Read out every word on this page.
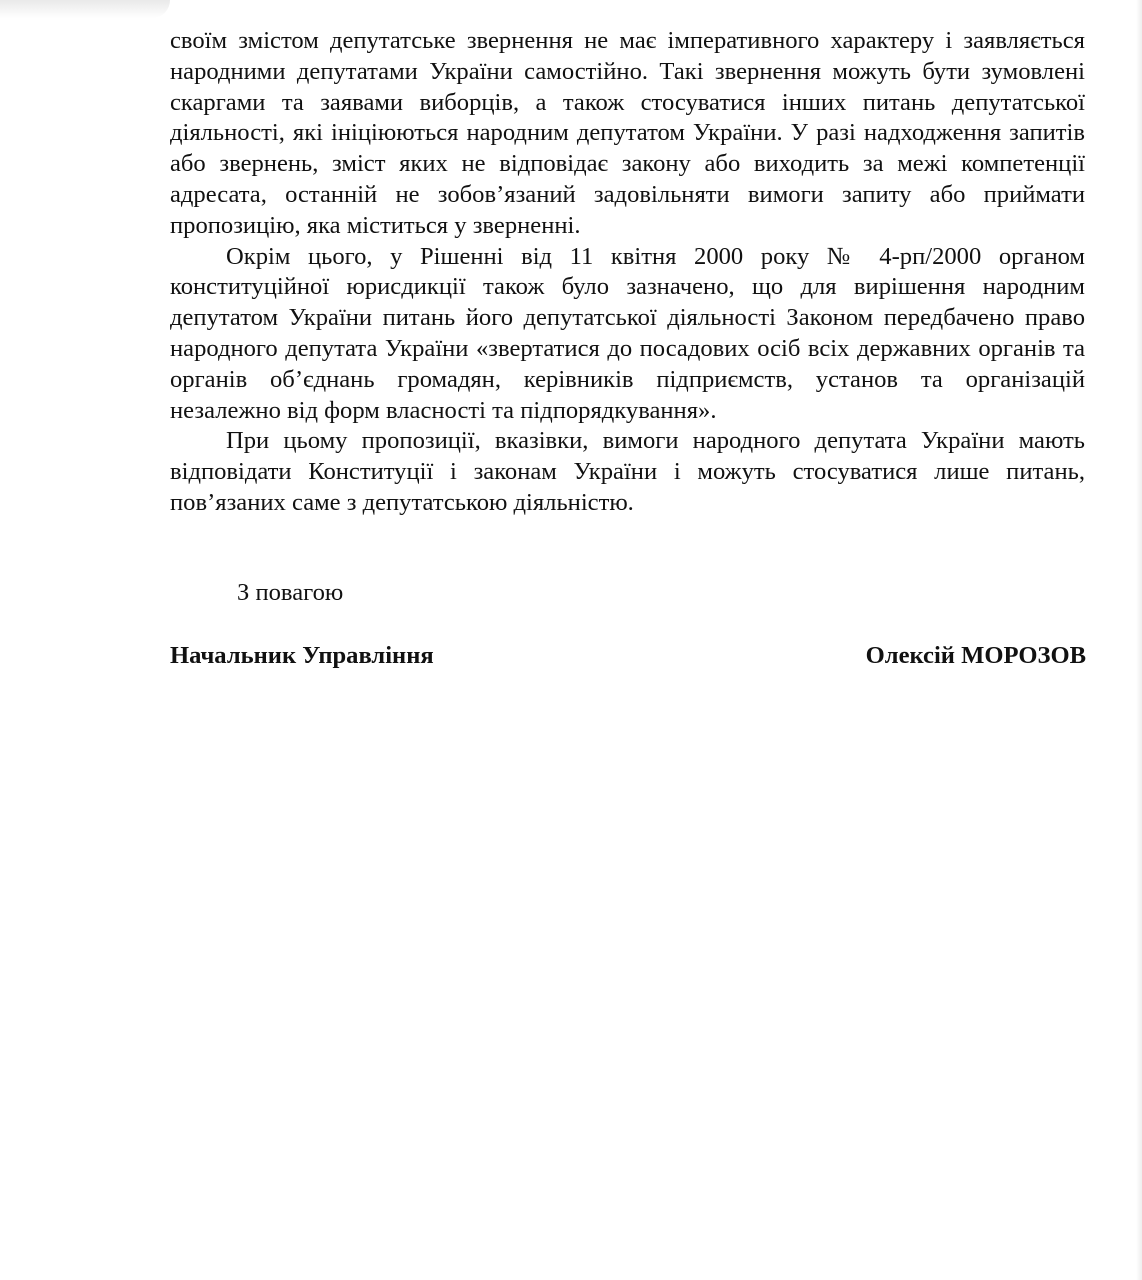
своїм змістом депутатське звернення не має імперативного характеру і заявляється народними депутатами України самостійно. Такі звернення можуть бути зумовлені скаргами та заявами виборців, а також стосуватися інших питань депутатської діяльності, які ініціюються народним депутатом України. У разі надходження запитів або звернень, зміст яких не відповідає закону або виходить за межі компетенції адресата, останній не зобов’язаний задовільняти вимоги запиту або приймати пропозицію, яка міститься у зверненні.

Окрім цього, у Рішенні від 11 квітня 2000 року № 4-рп/2000 органом конституційної юрисдикції також було зазначено, що для вирішення народним депутатом України питань його депутатської діяльності Законом передбачено право народного депутата України «звертатися до посадових осіб всіх державних органів та органів об’єднань громадян, керівників підприємств, установ та організацій незалежно від форм власності та підпорядкування».

При цьому пропозиції, вказівки, вимоги народного депутата України мають відповідати Конституції і законам України і можуть стосуватися лише питань, пов’язаних саме з депутатською діяльністю.

З повагою

Начальник Управління	Олексій МОРОЗОВ
